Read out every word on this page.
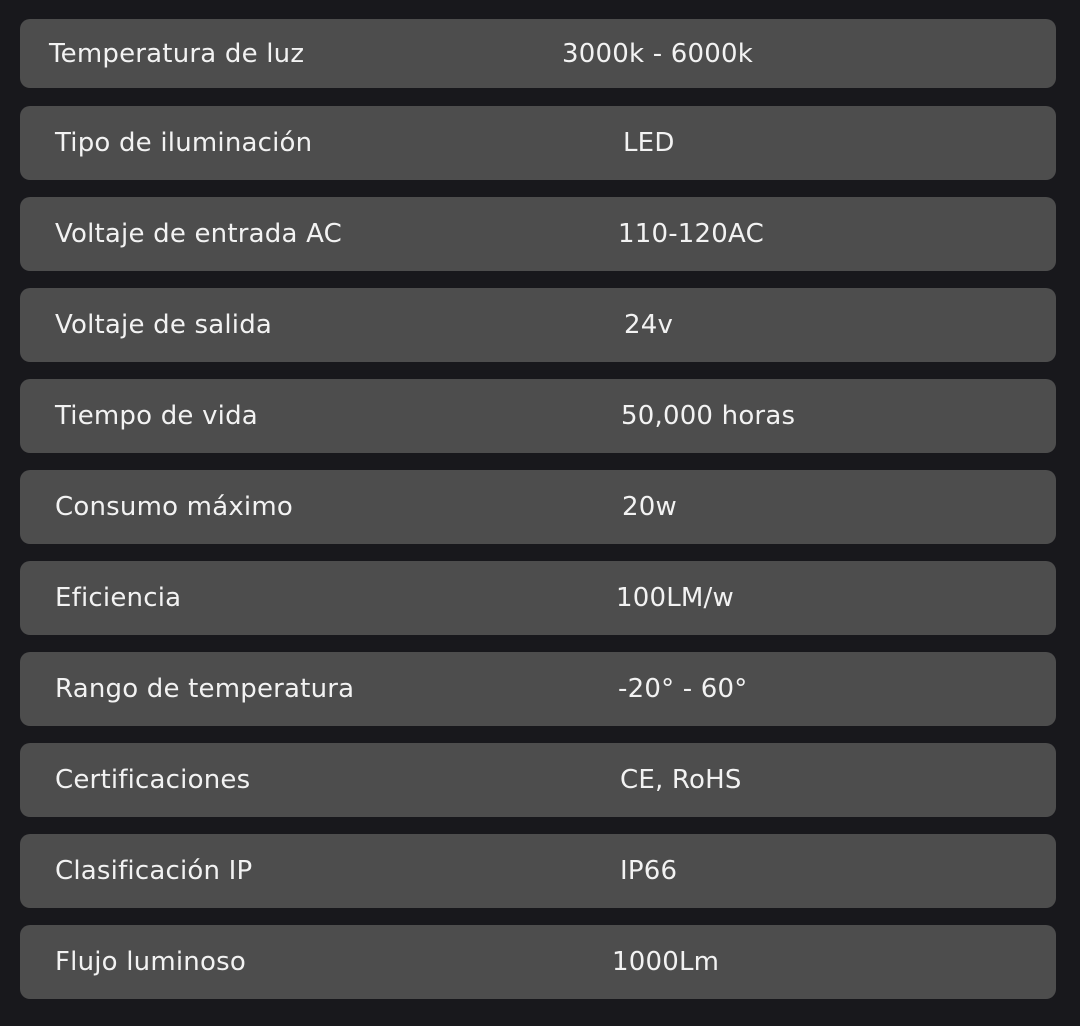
Temperatura de luz	3000k - 6000k
Tipo de iluminación	LED
Voltaje de entrada AC	110-120AC
Voltaje de salida	24v
Tiempo de vida	50,000 horas
Consumo máximo	20w
Eficiencia	100LM/w
Rango de temperatura	-20° - 60°
Certificaciones	CE, RoHS
Clasificación IP	IP66
Flujo luminoso	1000Lm
